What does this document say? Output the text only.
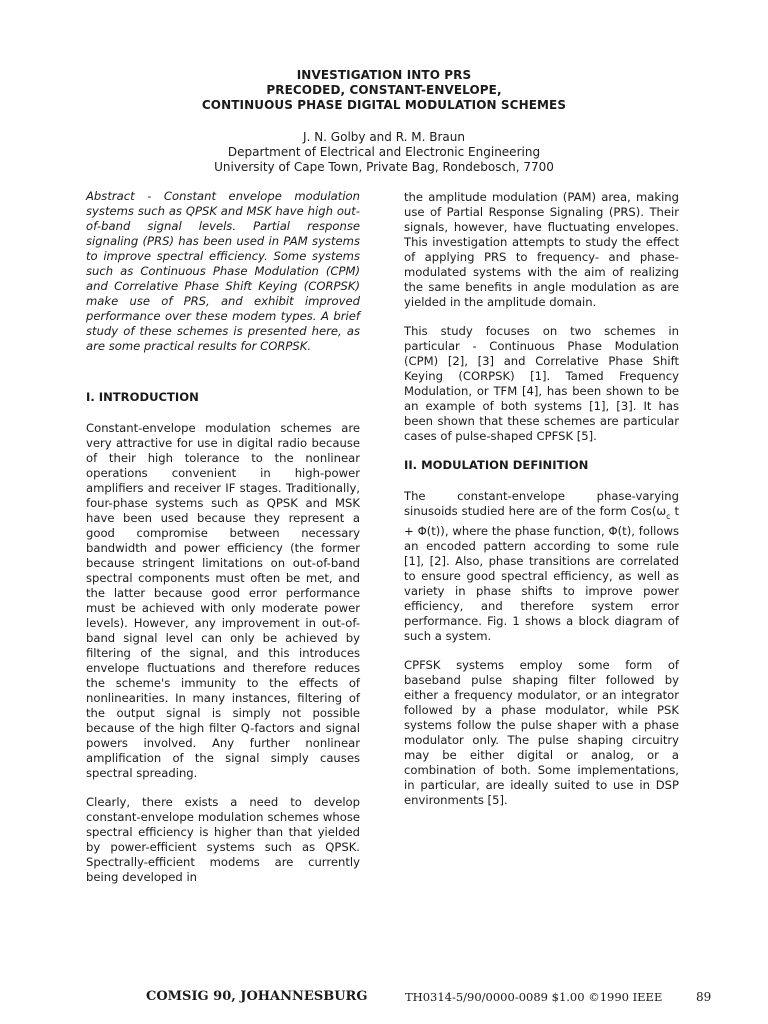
INVESTIGATION INTO PRS
PRECODED, CONSTANT-ENVELOPE,
CONTINUOUS PHASE DIGITAL MODULATION SCHEMES
J. N. Golby and R. M. Braun
Department of Electrical and Electronic Engineering
University of Cape Town, Private Bag, Rondebosch, 7700

Abstract - Constant envelope modulation systems such as QPSK and MSK have high out-of-band signal levels. Partial response signaling (PRS) has been used in PAM systems to improve spectral efficiency. Some systems such as Continuous Phase Modulation (CPM) and Correlative Phase Shift Keying (CORPSK) make use of PRS, and exhibit improved performance over these modem types. A brief study of these schemes is presented here, as are some practical results for CORPSK.

I. INTRODUCTION

Constant-envelope modulation schemes are very attractive for use in digital radio because of their high tolerance to the nonlinear operations convenient in high-power amplifiers and receiver IF stages. Traditionally, four-phase systems such as QPSK and MSK have been used because they represent a good compromise between necessary bandwidth and power efficiency (the former because stringent limitations on out-of-band spectral components must often be met, and the latter because good error performance must be achieved with only moderate power levels). However, any improvement in out-of-band signal level can only be achieved by filtering of the signal, and this introduces envelope fluctuations and therefore reduces the scheme's immunity to the effects of nonlinearities. In many instances, filtering of the output signal is simply not possible because of the high filter Q-factors and signal powers involved. Any further nonlinear amplification of the signal simply causes spectral spreading.

Clearly, there exists a need to develop constant-envelope modulation schemes whose spectral efficiency is higher than that yielded by power-efficient systems such as QPSK. Spectrally-efficient modems are currently being developed in

the amplitude modulation (PAM) area, making use of Partial Response Signaling (PRS). Their signals, however, have fluctuating envelopes. This investigation attempts to study the effect of applying PRS to frequency- and phase-modulated systems with the aim of realizing the same benefits in angle modulation as are yielded in the amplitude domain.

This study focuses on two schemes in particular - Continuous Phase Modulation (CPM) [2], [3] and Correlative Phase Shift Keying (CORPSK) [1]. Tamed Frequency Modulation, or TFM [4], has been shown to be an example of both systems [1], [3]. It has been shown that these schemes are particular cases of pulse-shaped CPFSK [5].

II. MODULATION DEFINITION

The constant-envelope phase-varying sinusoids studied here are of the form $Cos(\omega_c$ t + Φ(t)), where the phase function, Φ(t), follows an encoded pattern according to some rule [1], [2]. Also, phase transitions are correlated to ensure good spectral efficiency, as well as variety in phase shifts to improve power efficiency, and therefore system error performance. Fig. 1 shows a block diagram of such a system.

CPFSK systems employ some form of baseband pulse shaping filter followed by either a frequency modulator, or an integrator followed by a phase modulator, while PSK systems follow the pulse shaper with a phase modulator only. The pulse shaping circuitry may be either digital or analog, or a combination of both. Some implementations, in particular, are ideally suited to use in DSP environments [5].

COMSIG 90, JOHANNESBURG	TH0314-5/90/0000-0089 $1.00 ©1990 IEEE	89
